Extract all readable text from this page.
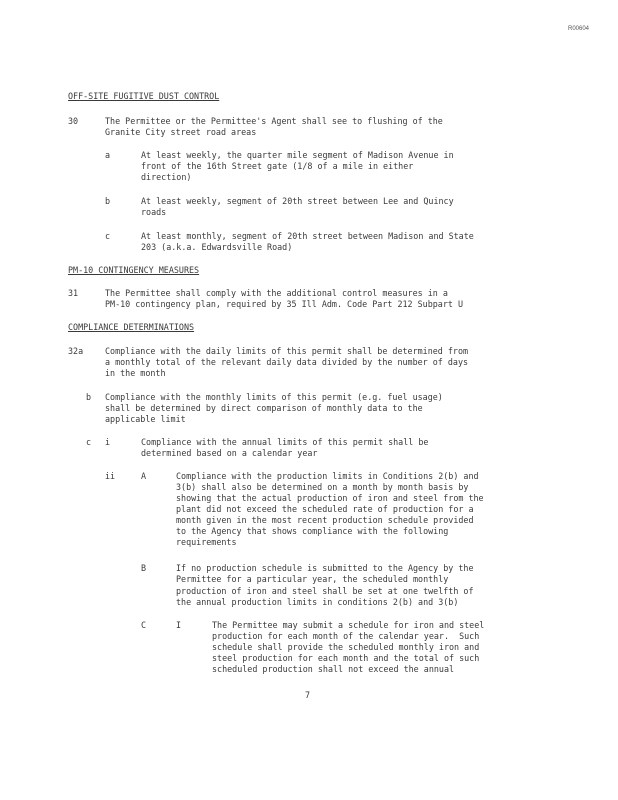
R00604
OFF-SITE FUGITIVE DUST CONTROL
30	The Permittee or the Permittee's Agent shall see to flushing of the
Granite City street road areas
a	At least weekly, the quarter mile segment of Madison Avenue in
front of the 16th Street gate (1/8 of a mile in either
direction)
b	At least weekly, segment of 20th street between Lee and Quincy
roads
c	At least monthly, segment of 20th street between Madison and State
203 (a.k.a. Edwardsville Road)
PM-10 CONTINGENCY MEASURES
31	The Permittee shall comply with the additional control measures in a
PM-10 contingency plan, required by 35 Ill Adm. Code Part 212 Subpart U
COMPLIANCE DETERMINATIONS
32a	Compliance with the daily limits of this permit shall be determined from
a monthly total of the relevant daily data divided by the number of days
in the month
b Compliance with the monthly limits of this permit (e.g. fuel usage)
shall be determined by direct comparison of monthly data to the
applicable limit
c i	Compliance with the annual limits of this permit shall be
determined based on a calendar year
ii	A	Compliance with the production limits in Conditions 2(b) and
3(b) shall also be determined on a month by month basis by
showing that the actual production of iron and steel from the
plant did not exceed the scheduled rate of production for a
month given in the most recent production schedule provided
to the Agency that shows compliance with the following
requirements
B	If no production schedule is submitted to the Agency by the
Permittee for a particular year, the scheduled monthly
production of iron and steel shall be set at one twelfth of
the annual production limits in conditions 2(b) and 3(b)
C	I	The Permittee may submit a schedule for iron and steel
production for each month of the calendar year.  Such
schedule shall provide the scheduled monthly iron and
steel production for each month and the total of such
scheduled production shall not exceed the annual
7
